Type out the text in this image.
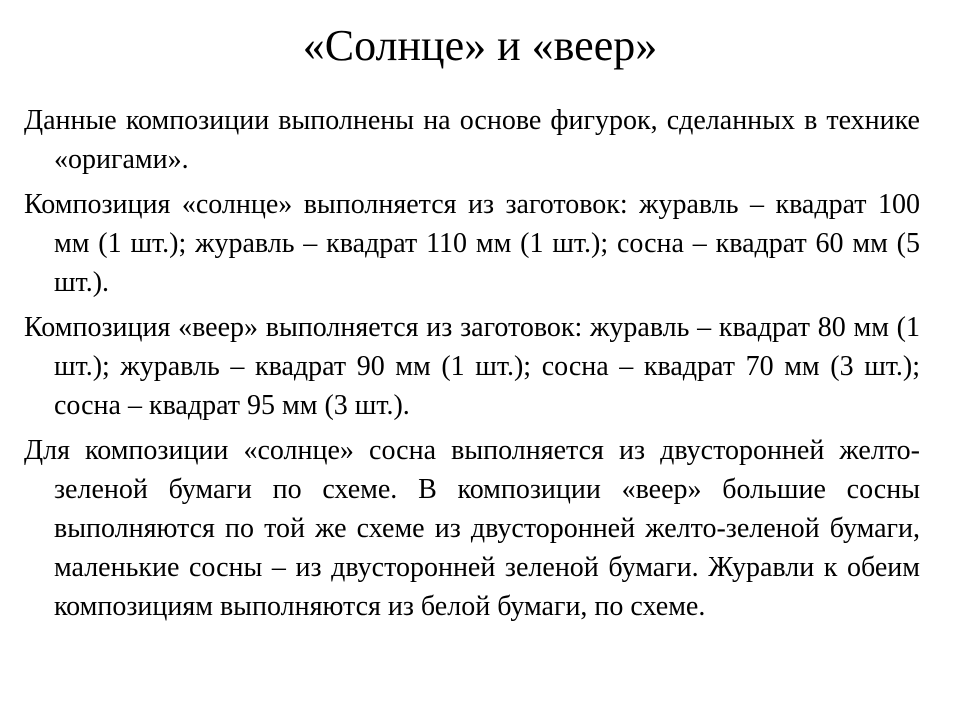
«Солнце» и «веер»

Данные композиции выполнены на основе фигурок, сделанных в технике «оригами».

Композиция «солнце» выполняется из заготовок: журавль – квадрат 100 мм (1 шт.); журавль – квадрат 110 мм (1 шт.); сосна – квадрат 60 мм (5 шт.).

Композиция «веер» выполняется из заготовок: журавль – квадрат 80 мм (1 шт.); журавль – квадрат 90 мм (1 шт.); сосна – квадрат 70 мм (3 шт.); сосна – квадрат 95 мм (3 шт.).

Для композиции «солнце» сосна выполняется из двусторонней желто-зеленой бумаги по схеме. В композиции «веер» большие сосны выполняются по той же схеме из двусторонней желто-зеленой бумаги, маленькие сосны – из двусторонней зеленой бумаги. Журавли к обеим композициям выполняются из белой бумаги, по схеме.
